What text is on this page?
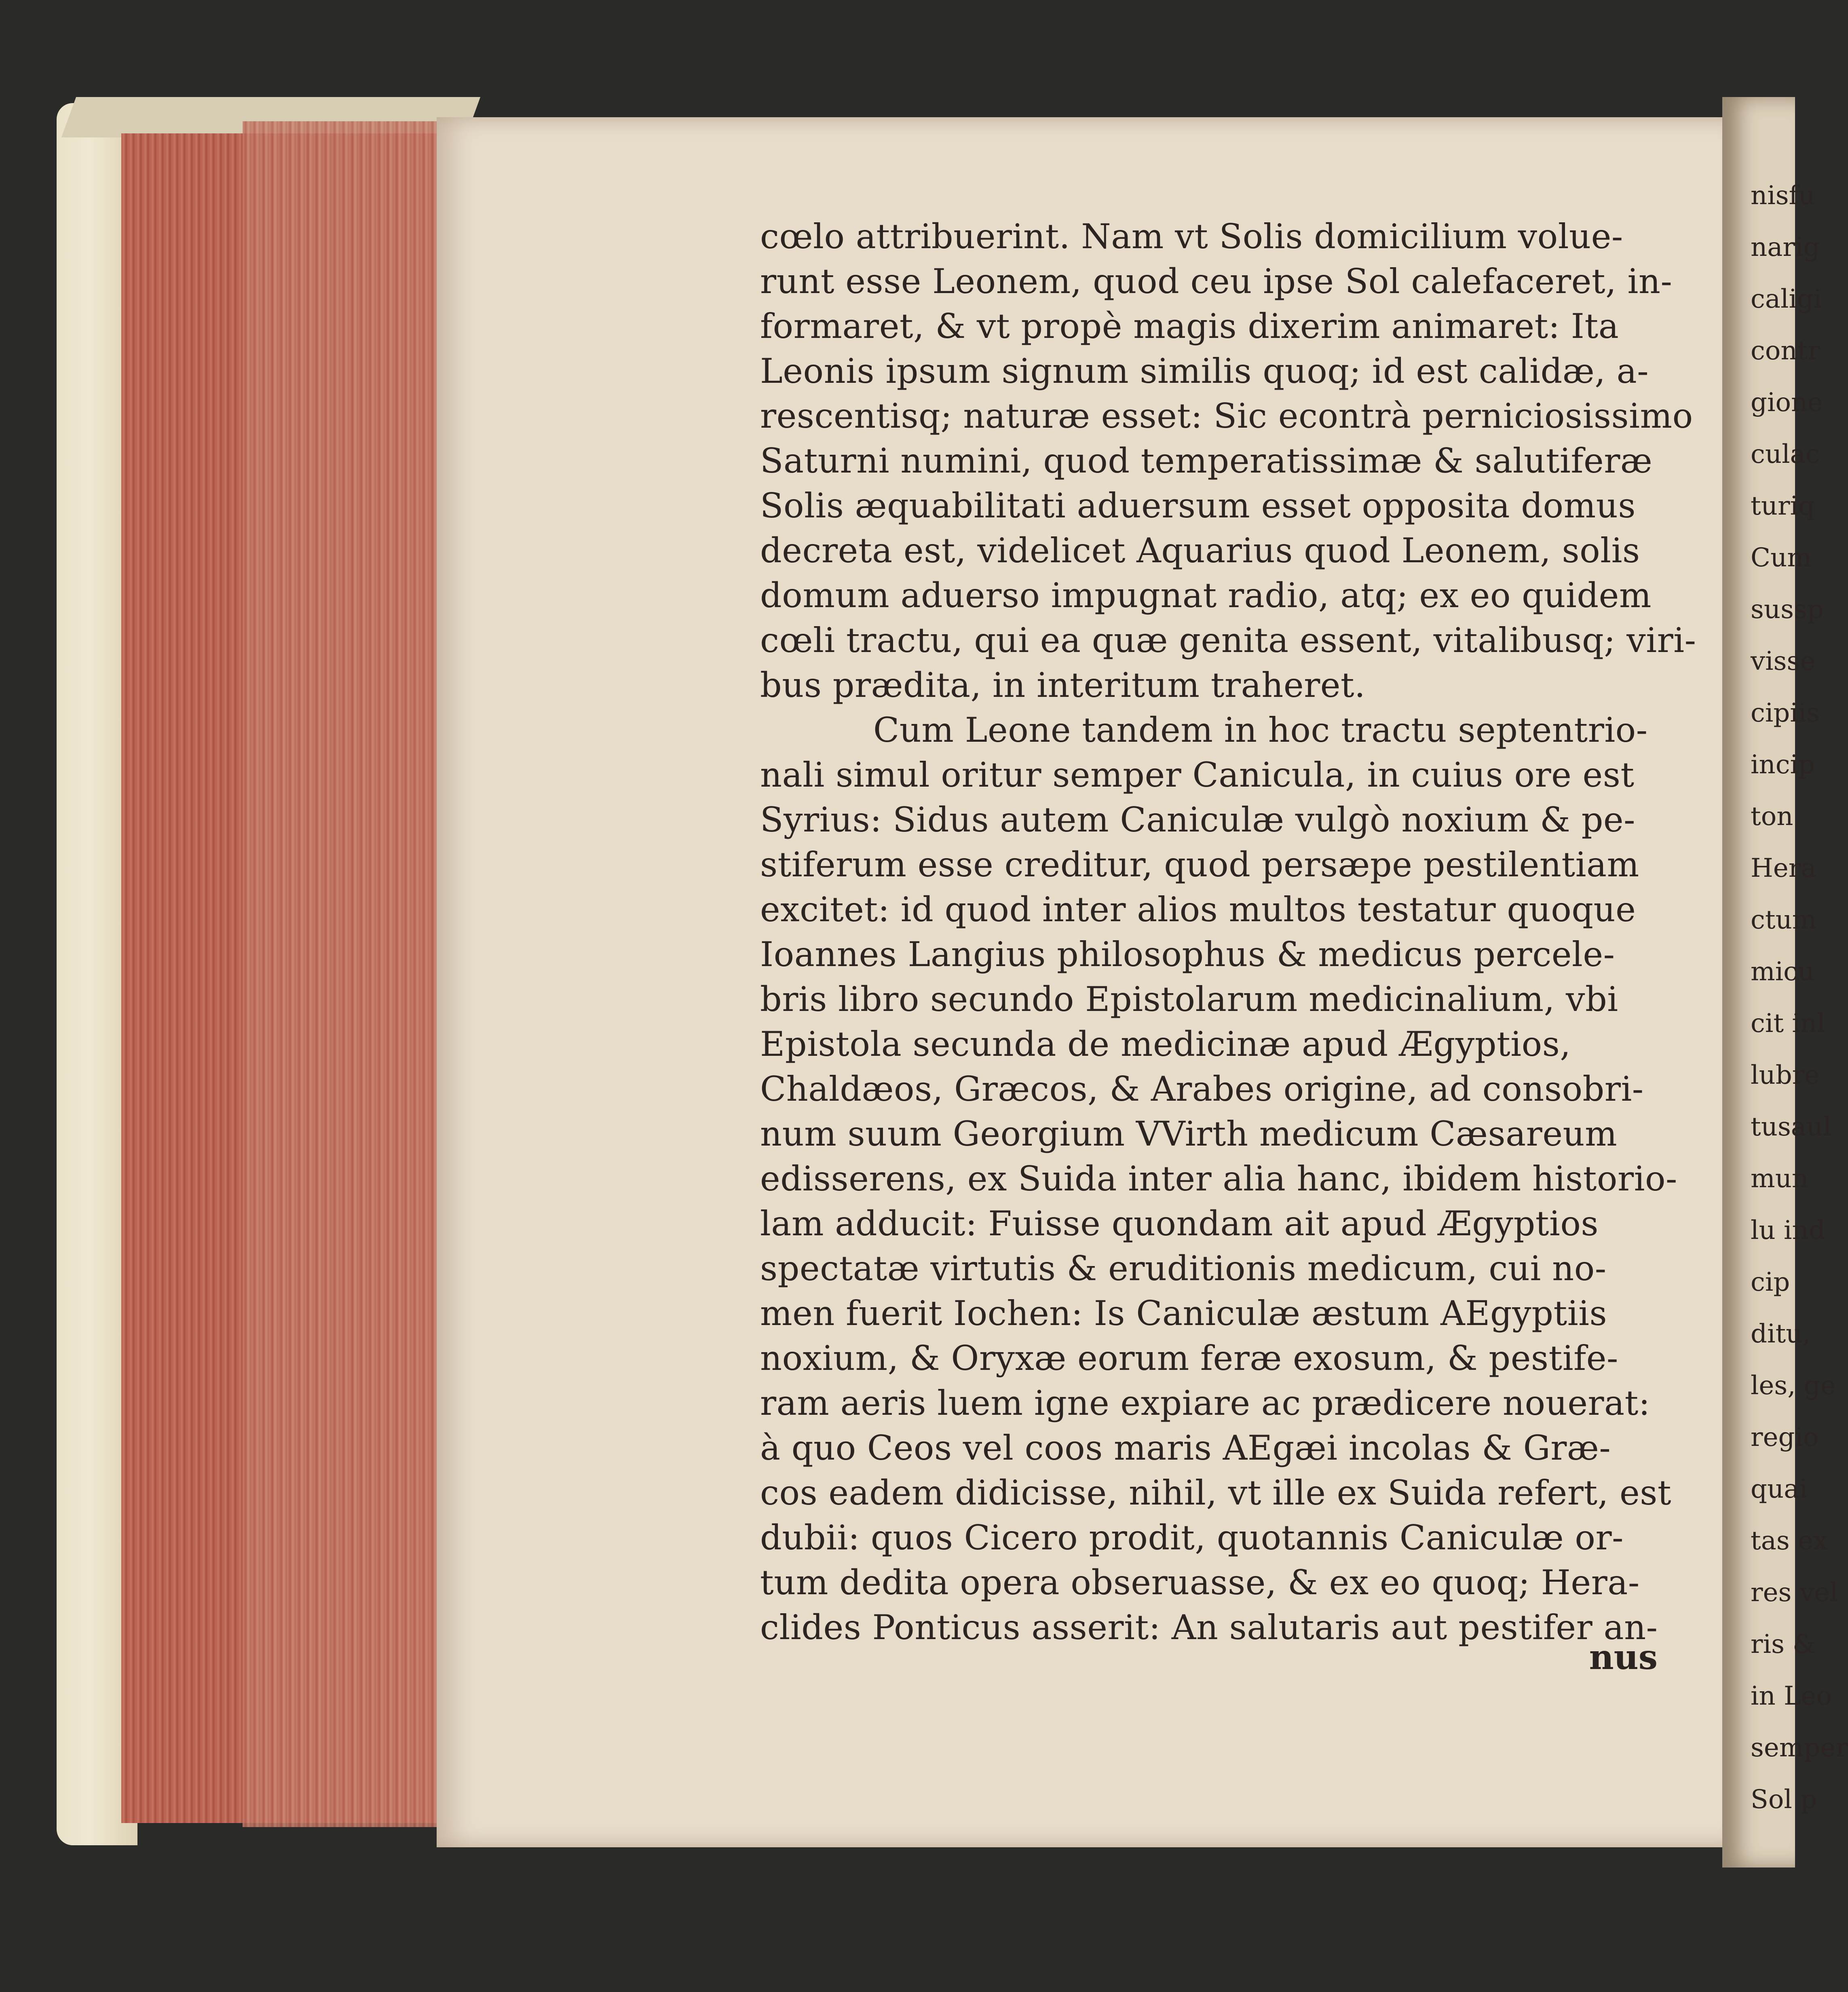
cœlo attribuerint. Nam vt Solis domicilium volue-
runt esse Leonem, quod ceu ipse Sol calefaceret, in-
formaret, & vt propè magis dixerim animaret: Ita
Leonis ipsum signum similis quoq; id est calidæ, a-
rescentisq; naturæ esset: Sic econtrà perniciosissimo
Saturni numini, quod temperatissimæ & salutiferæ
Solis æquabilitati aduersum esset opposita domus
decreta est, videlicet Aquarius quod Leonem, solis
domum aduerso impugnat radio, atq; ex eo quidem
cœli tractu, qui ea quæ genita essent, vitalibusq; viri-
bus prædita, in interitum traheret.
Cum Leone tandem in hoc tractu septentrio-
nali simul oritur semper Canicula, in cuius ore est
Syrius: Sidus autem Caniculæ vulgò noxium & pe-
stiferum esse creditur, quod persæpe pestilentiam
excitet: id quod inter alios multos testatur quoque
Ioannes Langius philosophus & medicus percele-
bris libro secundo Epistolarum medicinalium, vbi
Epistola secunda de medicinæ apud Ægyptios,
Chaldæos, Græcos, & Arabes origine, ad consobri-
num suum Georgium VVirth medicum Cæsareum
edisserens, ex Suida inter alia hanc, ibidem historio-
lam adducit: Fuisse quondam ait apud Ægyptios
spectatæ virtutis & eruditionis medicum, cui no-
men fuerit Iochen: Is Caniculæ æstum AEgyptiis
noxium, & Oryxæ eorum feræ exosum, & pestife-
ram aeris luem igne expiare ac prædicere nouerat:
à quo Ceos vel coos maris AEgæi incolas & Græ-
cos eadem didicisse, nihil, vt ille ex Suida refert, est
dubii: quos Cicero prodit, quotannis Caniculæ or-
tum dedita opera obseruasse, & ex eo quoq; Hera-
clides Ponticus asserit: An salutaris aut pestifer an-
nus
nisfu
narig
caligi
contr
gione
culac
turiq
Cum
sussp
visse
cipiis
incip
ton
Hera
ctum
micu
cit inl
lubre
tusaul
mun
lu ind
cip
ditu,
les, ge
regio
quai
tas ex
res vel
ris &
in Leo
semper
Sol p
